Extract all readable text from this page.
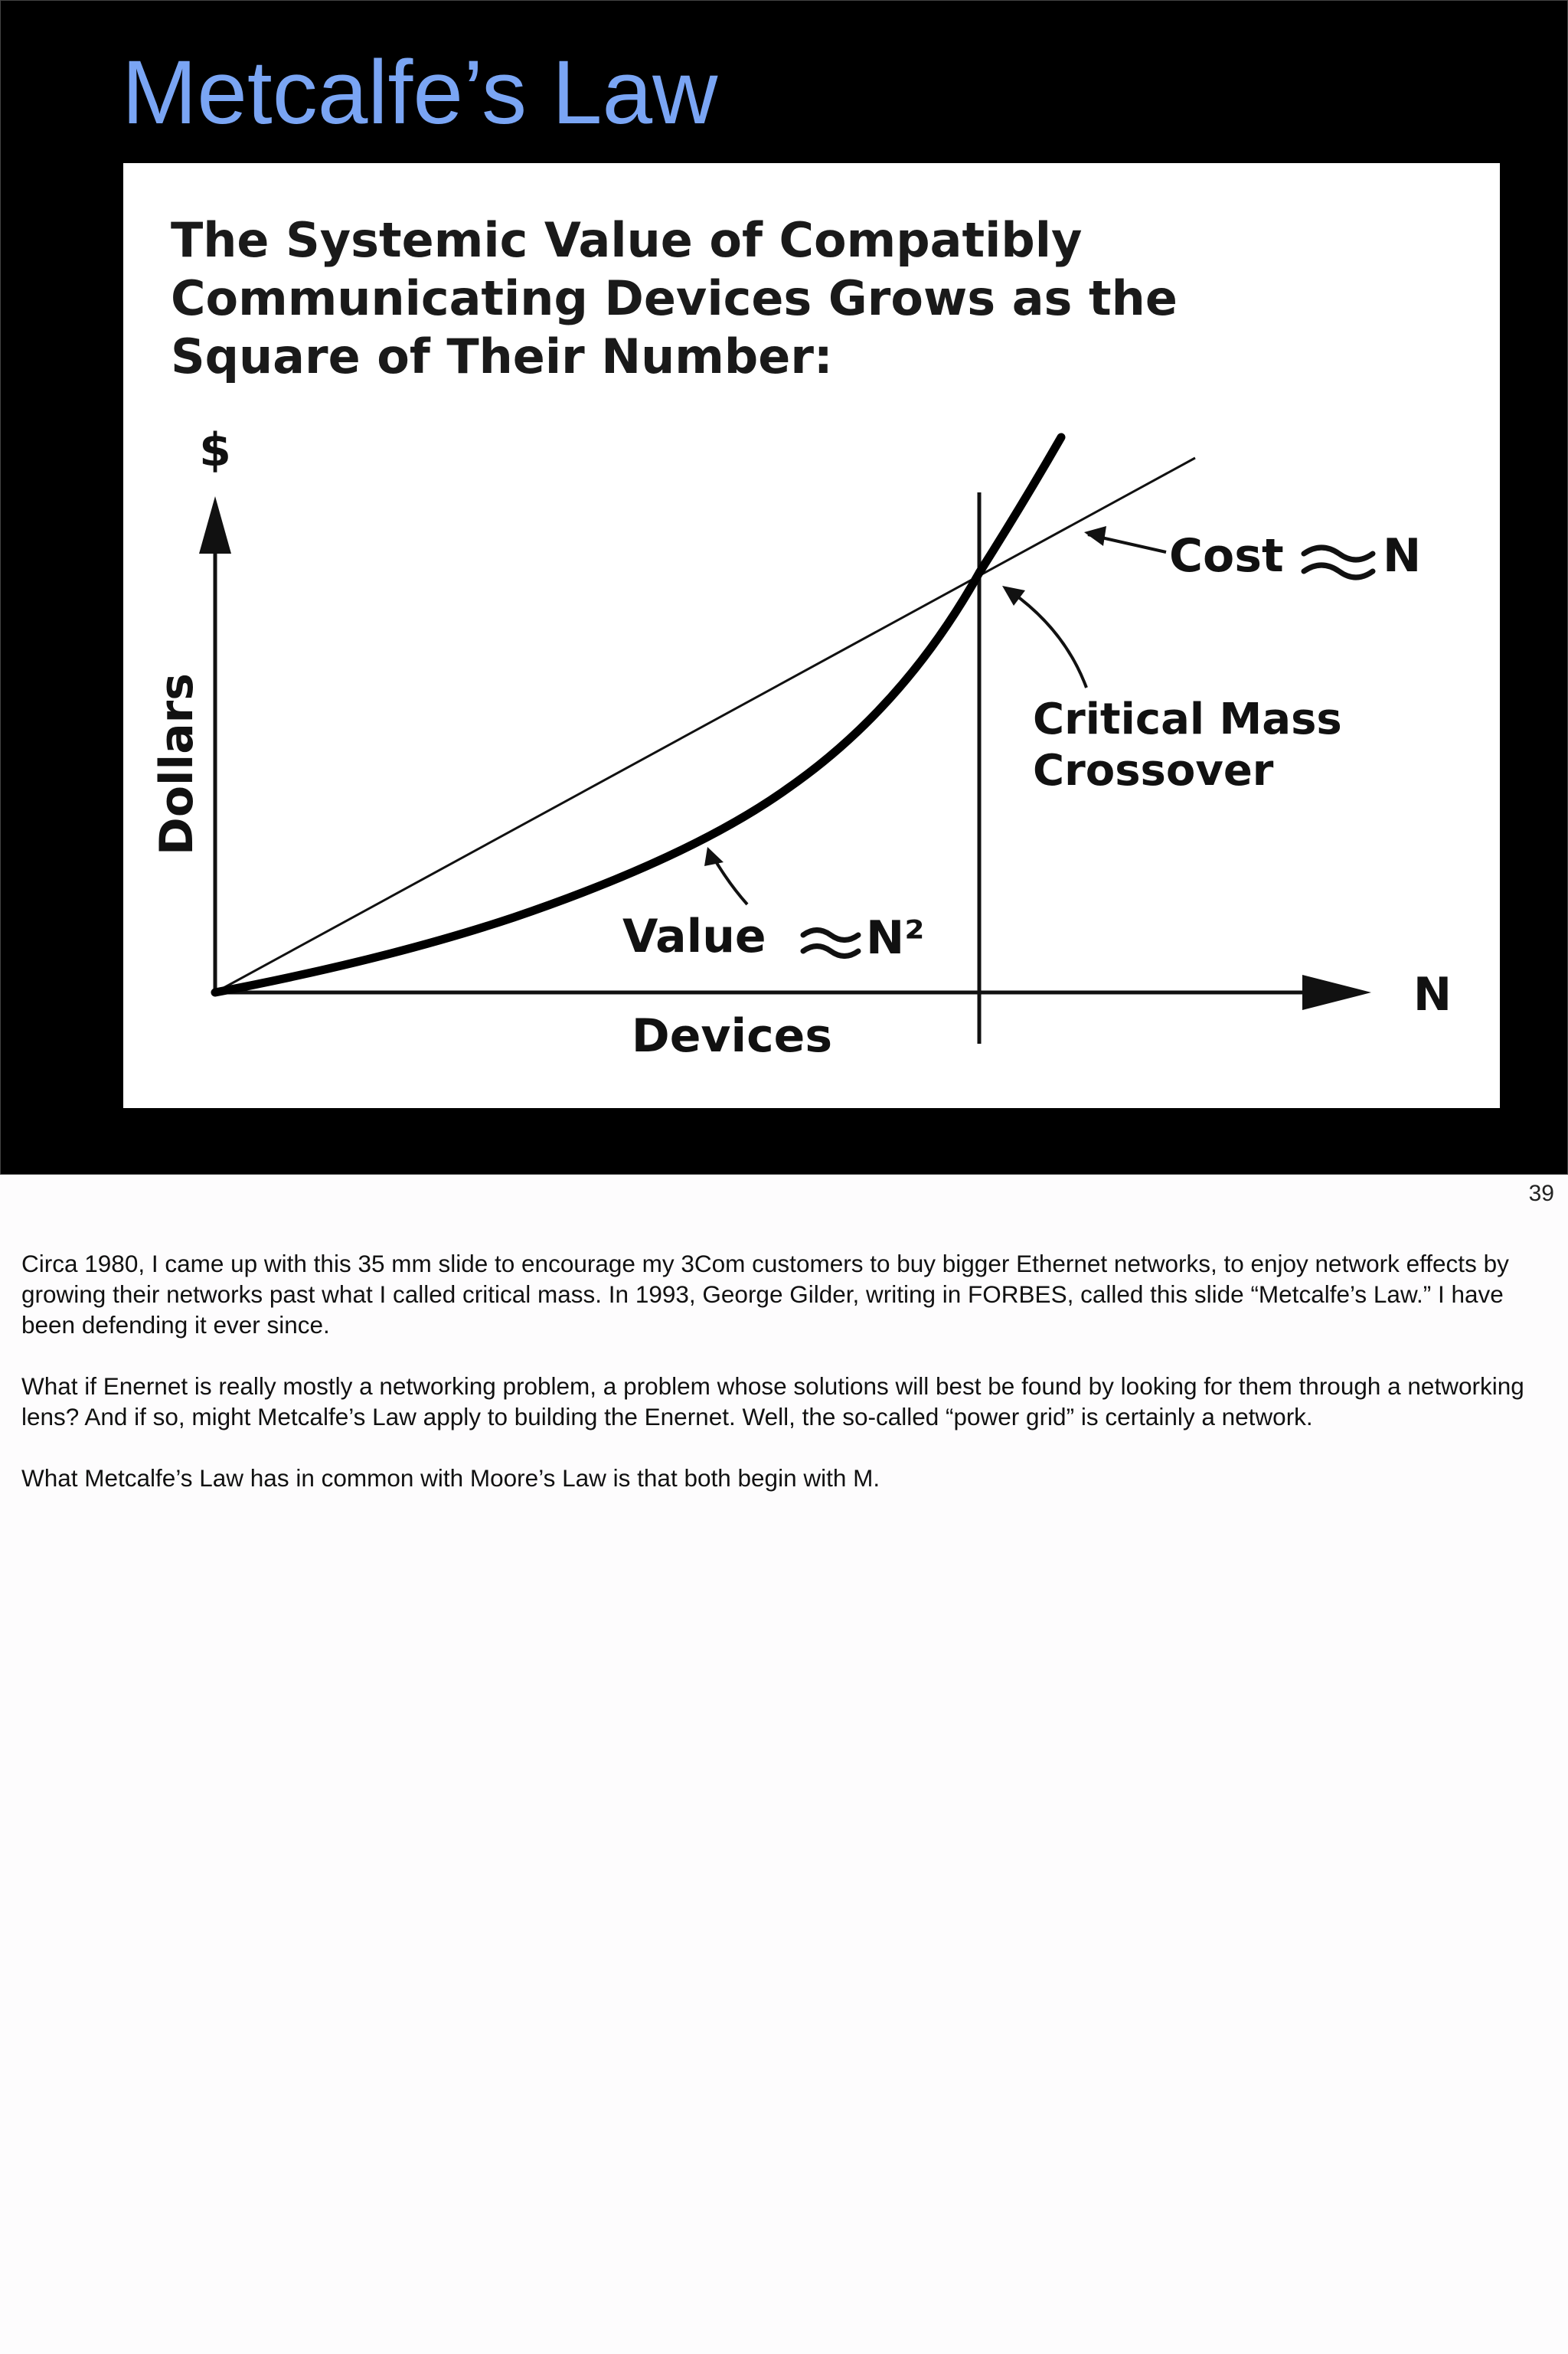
Metcalfe’s Law
The Systemic Value of Compatibly
Communicating Devices Grows as the
Square of Their Number:
$
Dollars
N
Devices
Cost N
Critical Mass
Crossover
Value N²
39

Circa 1980, I came up with this 35 mm slide to encourage my 3Com customers to buy bigger Ethernet networks, to enjoy network effects by growing their networks past what I called critical mass. In 1993, George Gilder, writing in FORBES, called this slide “Metcalfe’s Law.” I have been defending it ever since.

What if Enernet is really mostly a networking problem, a problem whose solutions will best be found by looking for them through a networking lens? And if so, might Metcalfe’s Law apply to building the Enernet. Well, the so-called “power grid” is certainly a network.

What Metcalfe’s Law has in common with Moore’s Law is that both begin with M.
